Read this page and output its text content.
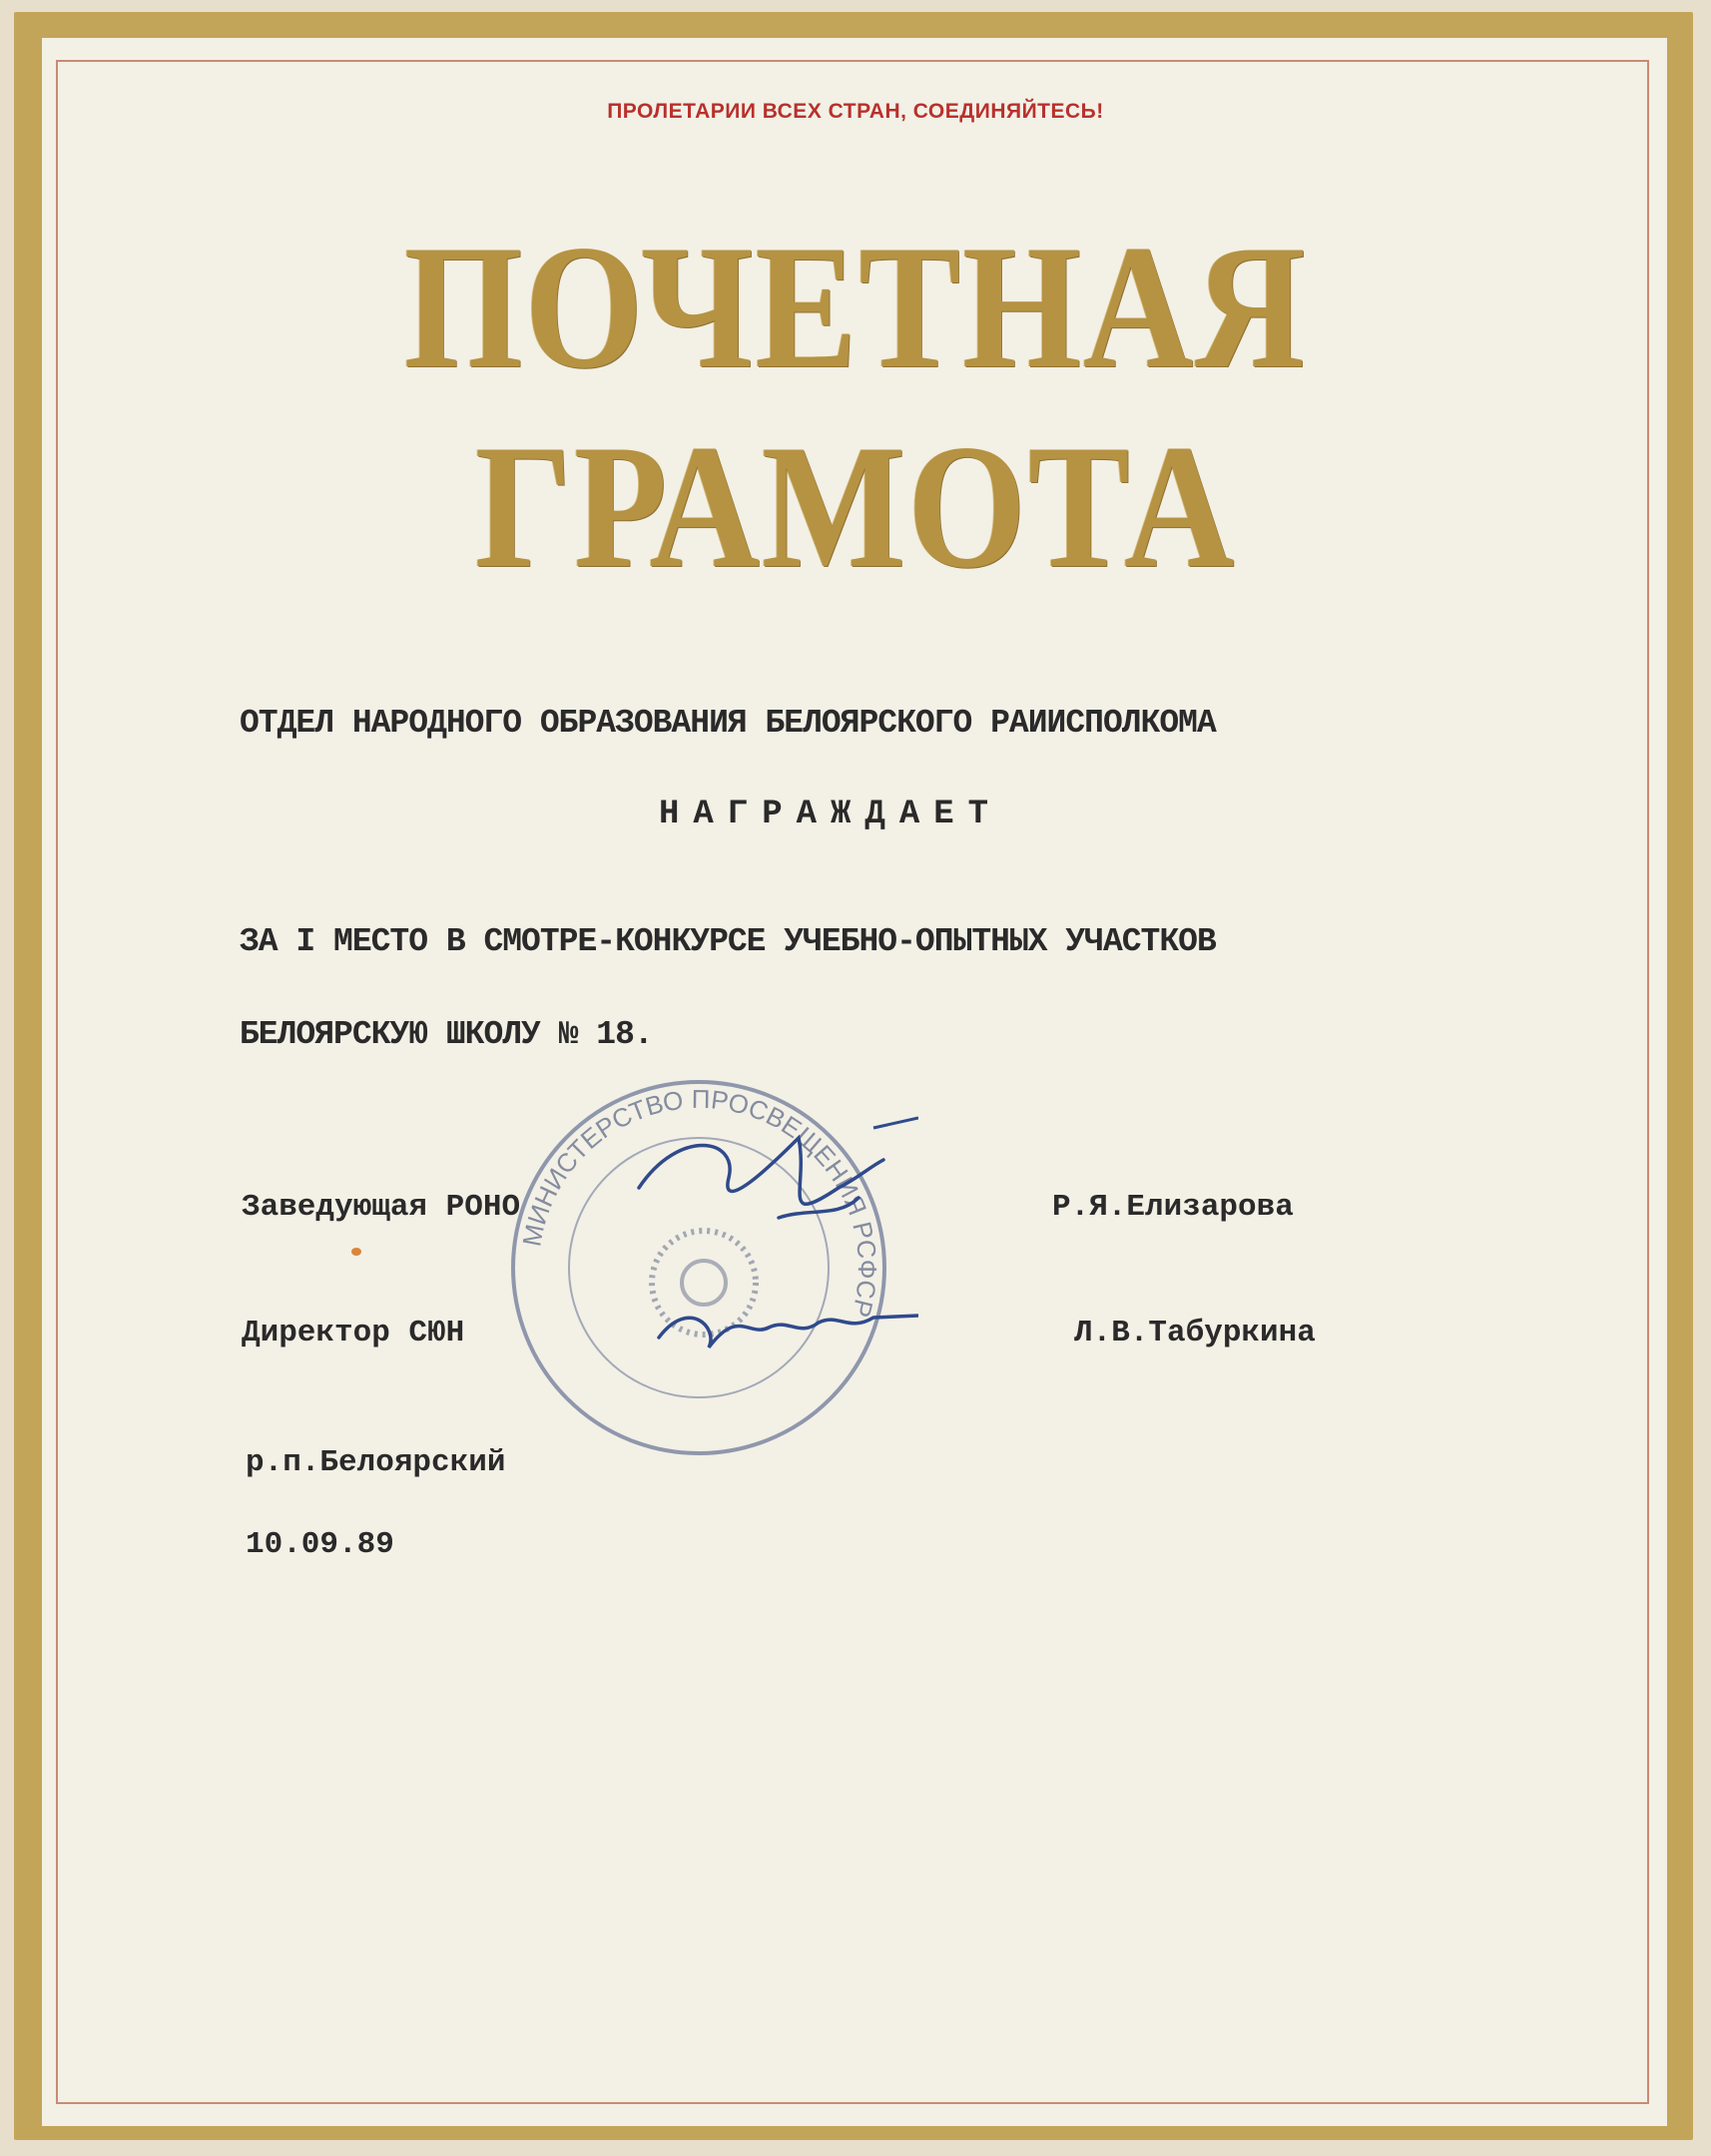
ПРОЛЕТАРИИ ВСЕХ СТРАН, СОЕДИНЯЙТЕСЬ!
ПОЧЕТНАЯ
ГРАМОТА
ОТДЕЛ НАРОДНОГО ОБРАЗОВАНИЯ БЕЛОЯРСКОГО РАИИСПОЛКОМА
НАГРАЖДАЕТ
ЗА I МЕСТО В СМОТРЕ-КОНКУРСЕ УЧЕБНО-ОПЫТНЫХ УЧАСТКОВ
БЕЛОЯРСКУЮ ШКОЛУ № 18.
Заведующая РОНО	Р.Я.Елизарова
Директор СЮН	Л.В.Табуркина
р.п.Белоярский
10.09.89
МИНИСТЕРСТВО ПРОСВЕЩЕНИЯ РСФСР
